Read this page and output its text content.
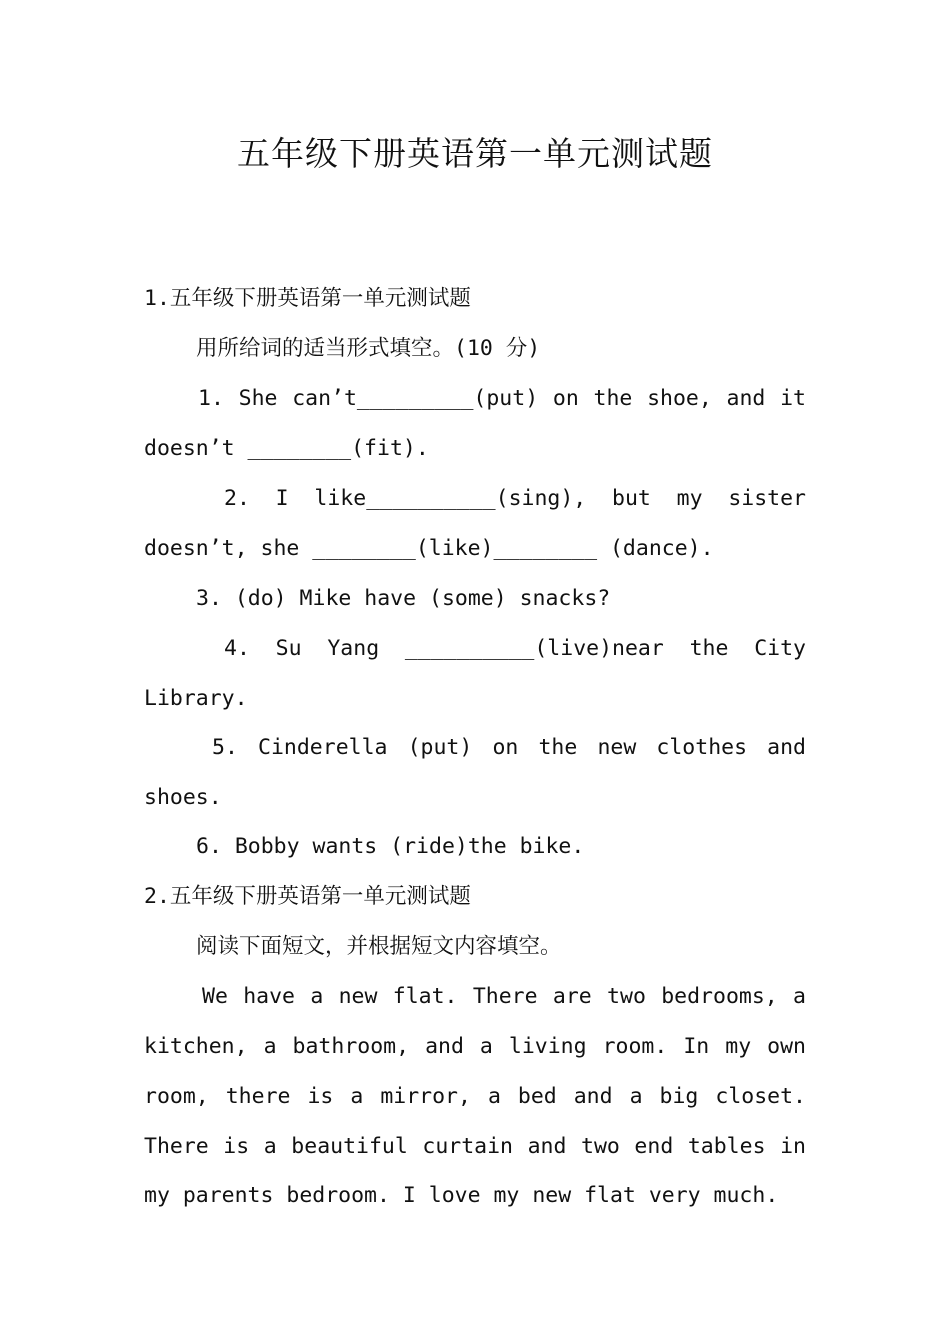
五年级下册英语第一单元测试题
1.五年级下册英语第一单元测试题
用所给词的适当形式填空。(10 分)
1. She can’t_________(put) on the shoe, and it
doesn’t ________(fit).
2. I like__________(sing), but my sister
doesn’t, she ________(like)________ (dance).
3. (do) Mike have (some) snacks?
4. Su Yang __________(live)near the City
Library.
5. Cinderella (put) on the new clothes and
shoes.
6. Bobby wants (ride)the bike.
2.五年级下册英语第一单元测试题
阅读下面短文，并根据短文内容填空。
We have a new flat. There are two bedrooms, a
kitchen, a bathroom, and a living room. In my own
room, there is a mirror, a bed and a big closet.
There is a beautiful curtain and two end tables in
my parents bedroom. I love my new flat very much.
